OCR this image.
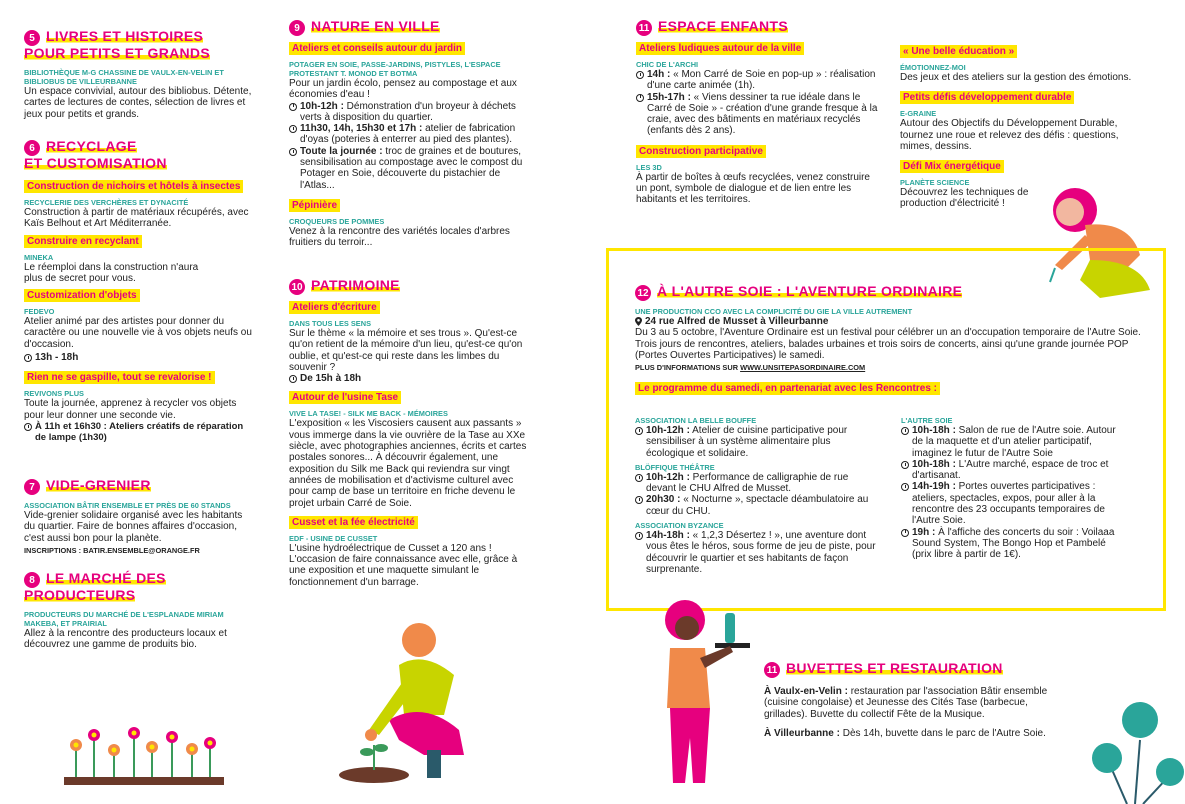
5 LIVRES ET HISTOIRES
POUR PETITS ET GRANDS
BIBLIOTHÈQUE M-G CHASSINE DE VAULX-EN-VELIN ET BIBLIOBUS DE VILLEURBANNE
Un espace convivial, autour des bibliobus. Détente, cartes de lectures de contes, sélection de livres et jeux pour petits et grands.
6 RECYCLAGE
ET CUSTOMISATION
Construction de nichoirs et hôtels à insectes
RECYCLERIE DES VERCHÈRES ET DYNACITÉ
Construction à partir de matériaux récupérés, avec Kaïs Belhout et Art Méditerranée.
Construire en recyclant
MINEKA
Le réemploi dans la construction n'aura plus de secret pour vous.
Customization d'objets
FEDEVO
Atelier animé par des artistes pour donner du caractère ou une nouvelle vie à vos objets neufs ou d'occasion.
13h - 18h
Rien ne se gaspille, tout se revalorise !
REVIVONS PLUS
Toute la journée, apprenez à recycler vos objets pour leur donner une seconde vie.
À 11h et 16h30 : Ateliers créatifs de réparation de lampe (1h30)
7 VIDE-GRENIER
ASSOCIATION BÂTIR ENSEMBLE ET PRÈS DE 60 STANDS
Vide-grenier solidaire organisé avec les habitants du quartier. Faire de bonnes affaires d'occasion, c'est aussi bon pour la planète.
INSCRIPTIONS : BATIR.ENSEMBLE@ORANGE.FR
8 LE MARCHÉ DES
PRODUCTEURS
PRODUCTEURS DU MARCHÉ DE L'ESPLANADE MIRIAM MAKEBA, ET PRAIRIAL
Allez à la rencontre des producteurs locaux et découvrez une gamme de produits bio.
9 NATURE EN VILLE
Ateliers et conseils autour du jardin
POTAGER EN SOIE, PASSE-JARDINS, PISTYLES, L'ESPACE PROTESTANT T. MONOD ET BOTMA
Pour un jardin écolo, pensez au compostage et aux économies d'eau !
10h-12h : Démonstration d'un broyeur à déchets verts à disposition du quartier.
11h30, 14h, 15h30 et 17h : atelier de fabrication d'oyas (poteries à enterrer au pied des plantes).
Toute la journée : troc de graines et de boutures, sensibilisation au compostage avec le compost du Potager en Soie, découverte du pistachier de l'Atlas...
Pépinière
CROQUEURS DE POMMES
Venez à la rencontre des variétés locales d'arbres fruitiers du terroir...
10 PATRIMOINE
Ateliers d'écriture
DANS TOUS LES SENS
Sur le thème « la mémoire et ses trous ». Qu'est-ce qu'on retient de la mémoire d'un lieu, qu'est-ce qu'on oublie, et qu'est-ce qui reste dans les limbes du souvenir ?
De 15h à 18h
Autour de l'usine Tase
VIVE LA TASE! - SILK ME BACK - MÉMOIRES
L'exposition « les Viscosiers causent aux passants » vous immerge dans la vie ouvrière de la Tase au XXe siècle, avec photographies anciennes, écrits et cartes postales sonores... À découvrir également, une exposition du Silk me Back qui reviendra sur vingt années de mobilisation et d'activisme culturel avec pour camp de base un territoire en friche devenu le projet urbain Carré de Soie.
Cusset et la fée électricité
EDF - USINE DE CUSSET
L'usine hydroélectrique de Cusset a 120 ans ! L'occasion de faire connaissance avec elle, grâce à une exposition et une maquette simulant le fonctionnement d'un barrage.
11 ESPACE ENFANTS
Ateliers ludiques autour de la ville
CHIC DE L'ARCHI
14h : « Mon Carré de Soie en pop-up » : réalisation d'une carte animée (1h).
15h-17h : « Viens dessiner ta rue idéale dans le Carré de Soie » - création d'une grande fresque à la craie, avec des bâtiments en matériaux recyclés (enfants dès 2 ans).
Construction participative
LES 3D
À partir de boîtes à œufs recyclées, venez construire un pont, symbole de dialogue et de lien entre les habitants et les territoires.
« Une belle éducation »
ÉMOTIONNEZ-MOI
Des jeux et des ateliers sur la gestion des émotions.
Petits défis développement durable
E-GRAINE
Autour des Objectifs du Développement Durable, tournez une roue et relevez des défis : questions, mimes, dessins.
Défi Mix énergétique
PLANÈTE SCIENCE
Découvrez les techniques de production d'électricité !
12 À L'AUTRE SOIE : L'AVENTURE ORDINAIRE
UNE PRODUCTION CCO AVEC LA COMPLICITÉ DU GIE LA VILLE AUTREMENT
24 rue Alfred de Musset à Villeurbanne
Du 3 au 5 octobre, l'Aventure Ordinaire est un festival pour célébrer un an d'occupation temporaire de l'Autre Soie. Trois jours de rencontres, ateliers, balades urbaines et trois soirs de concerts, ainsi qu'une grande journée POP (Portes Ouvertes Participatives) le samedi.
PLUS D'INFORMATIONS SUR WWW.UNSITEPASORDINAIRE.COM
Le programme du samedi, en partenariat avec les Rencontres :
ASSOCIATION LA BELLE BOUFFE
10h-12h : Atelier de cuisine participative pour sensibiliser à un système alimentaire plus écologique et solidaire.
BLÖFFIQUE THÉÂTRE
10h-12h : Performance de calligraphie de rue devant le CHU Alfred de Musset.
20h30 : « Nocturne », spectacle déambulatoire au cœur du CHU.
ASSOCIATION BYZANCE
14h-18h : « 1,2,3 Désertez ! », une aventure dont vous êtes le héros, sous forme de jeu de piste, pour découvrir le quartier et ses habitants de façon surprenante.
L'AUTRE SOIE
10h-18h : Salon de rue de l'Autre soie. Autour de la maquette et d'un atelier participatif, imaginez le futur de l'Autre Soie
10h-18h : L'Autre marché, espace de troc et d'artisanat.
14h-19h : Portes ouvertes participatives : ateliers, spectacles, expos, pour aller à la rencontre des 23 occupants temporaires de l'Autre Soie.
19h : À l'affiche des concerts du soir : Voilaaa Sound System, The Bongo Hop et Pambelé (prix libre à partir de 1€).
11 BUVETTES ET RESTAURATION
À Vaulx-en-Velin : restauration par l'association Bâtir ensemble (cuisine congolaise) et Jeunesse des Cités Tase (barbecue, grillades). Buvette du collectif Fête de la Musique.
À Villeurbanne : Dès 14h, buvette dans le parc de l'Autre Soie.
